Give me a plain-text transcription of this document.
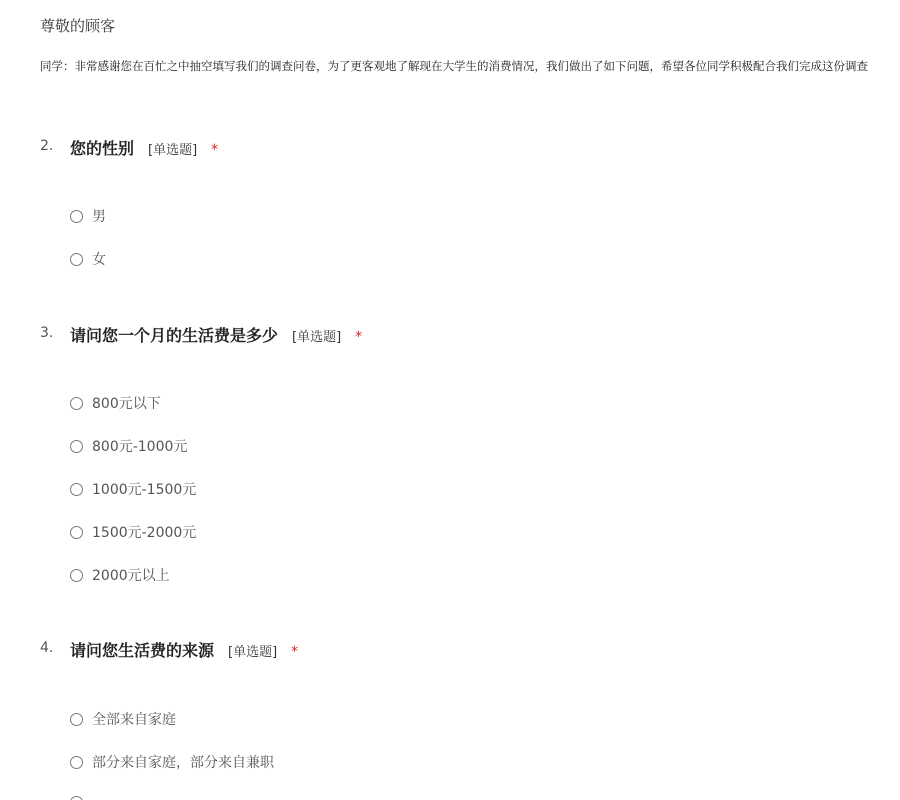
尊敬的顾客
同学：非常感谢您在百忙之中抽空填写我们的调查问卷，为了更客观地了解现在大学生的消费情况，我们做出了如下问题，希望各位同学积极配合我们完成这份调查
2. 您的性别 [单选题] *
男
女
3. 请问您一个月的生活费是多少 [单选题] *
800元以下
800元-1000元
1000元-1500元
1500元-2000元
2000元以上
4. 请问您生活费的来源 [单选题] *
全部来自家庭
部分来自家庭，部分来自兼职
